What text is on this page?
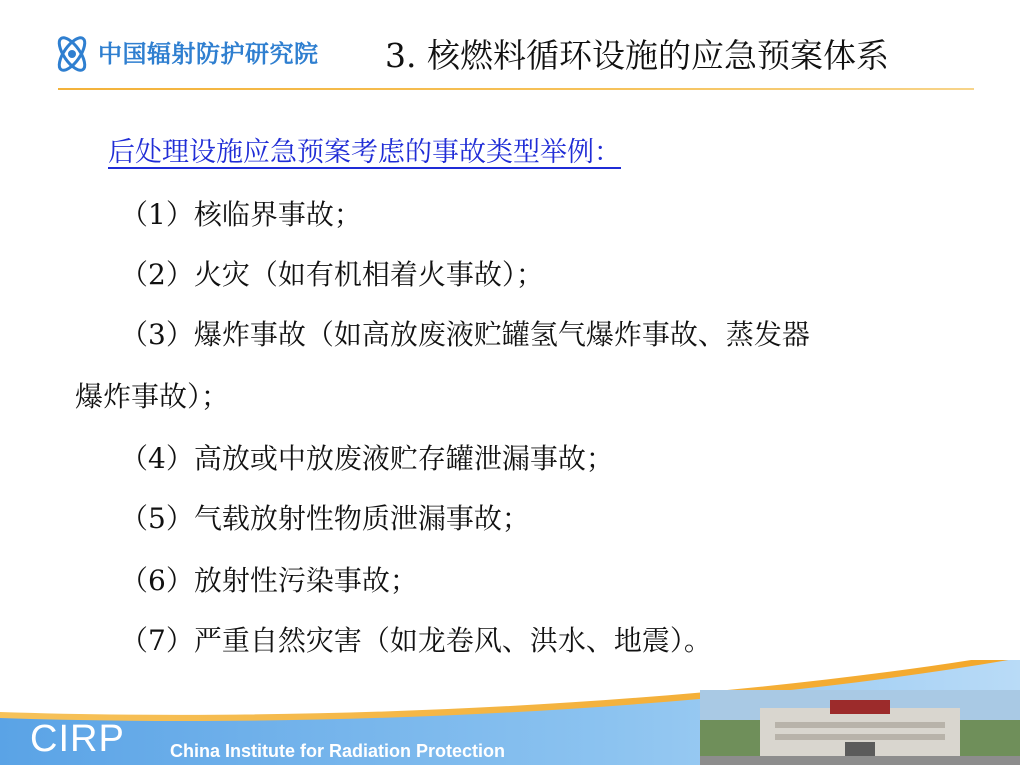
中国辐射防护研究院 3. 核燃料循环设施的应急预案体系
后处理设施应急预案考虑的事故类型举例：
（1）核临界事故；
（2）火灾（如有机相着火事故）；
（3）爆炸事故（如高放废液贮罐氢气爆炸事故、蒸发器
爆炸事故）；
（4）高放或中放废液贮存罐泄漏事故；
（5）气载放射性物质泄漏事故；
（6）放射性污染事故；
（7）严重自然灾害（如龙卷风、洪水、地震）。
CIRP	China Institute for Radiation Protection
